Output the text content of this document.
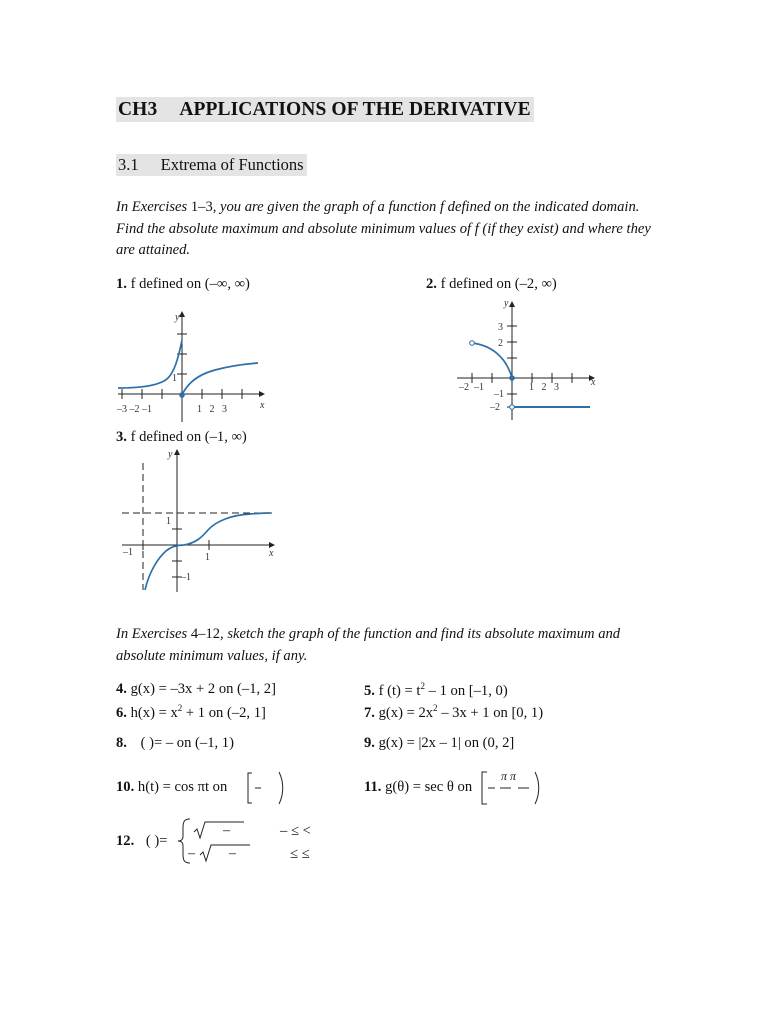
CH3 APPLICATIONS OF THE DERIVATIVE
3.1 Extrema of Functions
In Exercises 1–3, you are given the graph of a function f defined on the indicated domain. Find the absolute maximum and absolute minimum values of f (if they exist) and where they are attained.
1. f defined on (–∞, ∞)	2. f defined on (–2, ∞)
3. f defined on (–1, ∞)
y
x
1
–3 –2 –1	1   2   3
y
x
3
2
–1
–2
–2  –1	1   2   3
y
x
1
–1
–1	1
In Exercises 4–12, sketch the graph of the function and find its absolute maximum and absolute minimum values, if any.
4. g(x) = –3x + 2 on (–1, 2]	5. f $(t) = t^2 - 1$ on [–1, 0)
6. $h(x) = x^2 + 1$ on (–2, 1]	7. $g(x) = 2x^2 - 3x + 1$ on [0, 1)
8. ( )= – on (–1, 1)	9. g(x) = |2x – 1| on (0, 2]
10. h(t) = cos πt on	11. g(θ) = sec θ on
π π
12. ( )=
–
–
–
– ≤ <
≤ ≤
